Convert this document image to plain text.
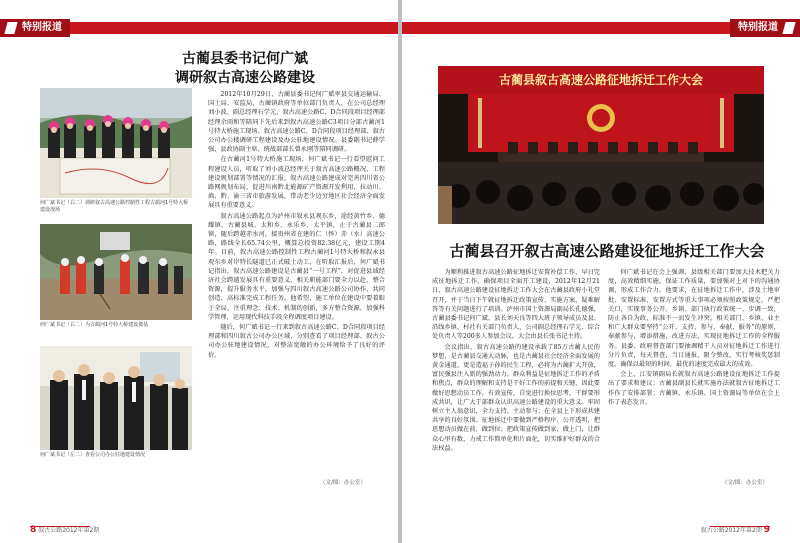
特别报道
古蔺县委书记何广斌
调研叙古高速公路建设
何广斌书记（右二）调研叙古高速公路控制性工程古蔺河1号特大桥建设现场
何广斌书记（右二）为古蔺河1号特大桥建设奠基
何广斌书记（左二）查看公司办公驻地建设情况

2012年10月29日，古蔺县委书记何广斌率县交通运输局、国土局、安监局、古蔺镇政府等单位部门负责人，在公司总经理刘小波、副总经理石学元，叙古高速公路C、D合同段项目经理部经理余雨和等陪同下先后来到叙古高速公路C3项目分部古蔺河1号特大桥施工现场、叙古高速公路C、D合同段项目经理部、叙古公司办公楼调研工程建设及办公驻地建设情况。县委副书记薛学强，县政协副主席、统战部部长曾永刚等陪同调研。

在古蔺河1号特大桥施工现场，何广斌书记一行看望慰问工程建设人员，听取了刘小波总经理关于叙古高速公路概况、工程建设规划部署等情况的汇报。叙古高速公路建成对完善四川省公路网规划布局，促进川南黔北能源矿产资源开发利用，拉动川、滇、黔、渝三省市旅游发展，带动老少边穷地区社会经济全面发展具有重要意义。

叙古高速公路起点为泸州市叙永县观东乡，途经黄竹乡、德耀镇、古蔺县城、太和乡、永乐乡、太平镇，止于古蔺县二郎镇，随后跨越赤水河，接贵州省在建的仁（怀）赤（水）高速公路，路线全长65.74公里，概算总投资82.38亿元，建设工期4年。目前，叙古高速公路控制性工程古蔺河1号特大桥和叙永县观东乡对岸特长隧道已正式破土动工，在听取汇报后，何广斌书记指出，叙古高速公路建设是古蔺县“一号工程”，对促进县域经济社会跨越发展具有重要意义，相关职能部门要全力以赴，整合资源，提升服务水平，加强与四川叙古高速公路公司协作，共同创造、高标准完成工程任务。他希望，施工单位在建设中要着眼于全局，注重理念、技术、机制的创新，多方整合资源，加强科学管理，运用现代科技手段全程调度项目建设。

随后，何广斌书记一行来到叙古高速公路C、D合同段项目经理部和四川叙古公司办公区域，分别查看了项目经理部、叙古公司办公驻地建设情况，对整洁宽敞的办公环境给予了良好的评价。

（文/图：办公室）
8 叙古公路2012年第2期
特别报道
古蔺县叙古高速公路征地拆迁工作大会
古蔺县召开叙古高速公路建设征地拆迁工作大会

为顺利推进叙古高速公路征地拆迁安置补偿工作，早日完成征地拆迁工作，确保项目全面开工建设，2012年12月21日，叙古高速公路建设征地拆迁工作大会在古蔺县政府小礼堂召开，并于当日下午就征地拆迁政策宣传、实施方案、疑难解答等有关问题进行了培训。泸州市国土资源局副局长孔德强，古蔺县委书记何广斌，县长刘天良等四大班子领导成员及县、沿线乡镇、村社有关部门负责人，公司副总经理石学元、综合处负责人等200多人参加会议。大会由县长张书记主持。

会议指出，叙古高速公路的建设承载了85万古蔺人民的梦想，是古蔺县交通大动脉，也是古蔺县社会经济全面发展的黄金通道，更是造福子孙的民生工程，必将为古蔺扩大开放，富民强县注入新的强劲动力。群众利益是征地拆迁工作的矛盾和焦点，群众的理解和支持是干好工作的前提和关键，因此要做好思想动员工作，有效宣传，自觉进行换位思考，干群要形成共识，让广大干部群众认识高速公路建设的重大意义。牢固树立主人翁意识，全力支持、主动参与；在全县上下形成共建共享的良好氛围。征地拆迁中要做到严格程序、公开透明，把思想动员做在前，做到位；把政策宣传做到家，做上门，让群众心里有数，力戒工作简单化和片面化，切实维护好群众的合法权益。

何广斌书记在会上强调，县级相关部门要加大技术把关力度，高效精细实施，保证工作质量，要加强对上对下的沟通协调，形成工作合力。他要求，在征地拆迁工作中，涉及土地审批、安置标准、安置方式等重大事项必须按照政策规定，严把关口，实现事务公开。乡镇、部门执行政策统一、步调一致，防止各自为政，标准不一而发生冲突。相关部门、乡镇、业主和广大群众要坚持“公开、支持、参与、奉献、服务”的原则，奉献参与，增添措施，改进方法，实现征地拆迁工作的全程服务。县委、政府督查部门要抽调精干人员对征地拆迁工作进行分片负责，每天督查，当日通报，限令整改，实行考核奖惩制度，确保以最短的时间，最优的速度完成最大的成效。

会上，江安镇副局长就叙古高速公路建设征地拆迁工作提出了要求和建议；古蔺县副县长就实施办法就叙古征地拆迁工作作了安排部署；古蔺镇、永乐镇、国土资源局等单位在会上作了表态发言。

（文/图：办公室）
叙古公路2012年第2期 9
